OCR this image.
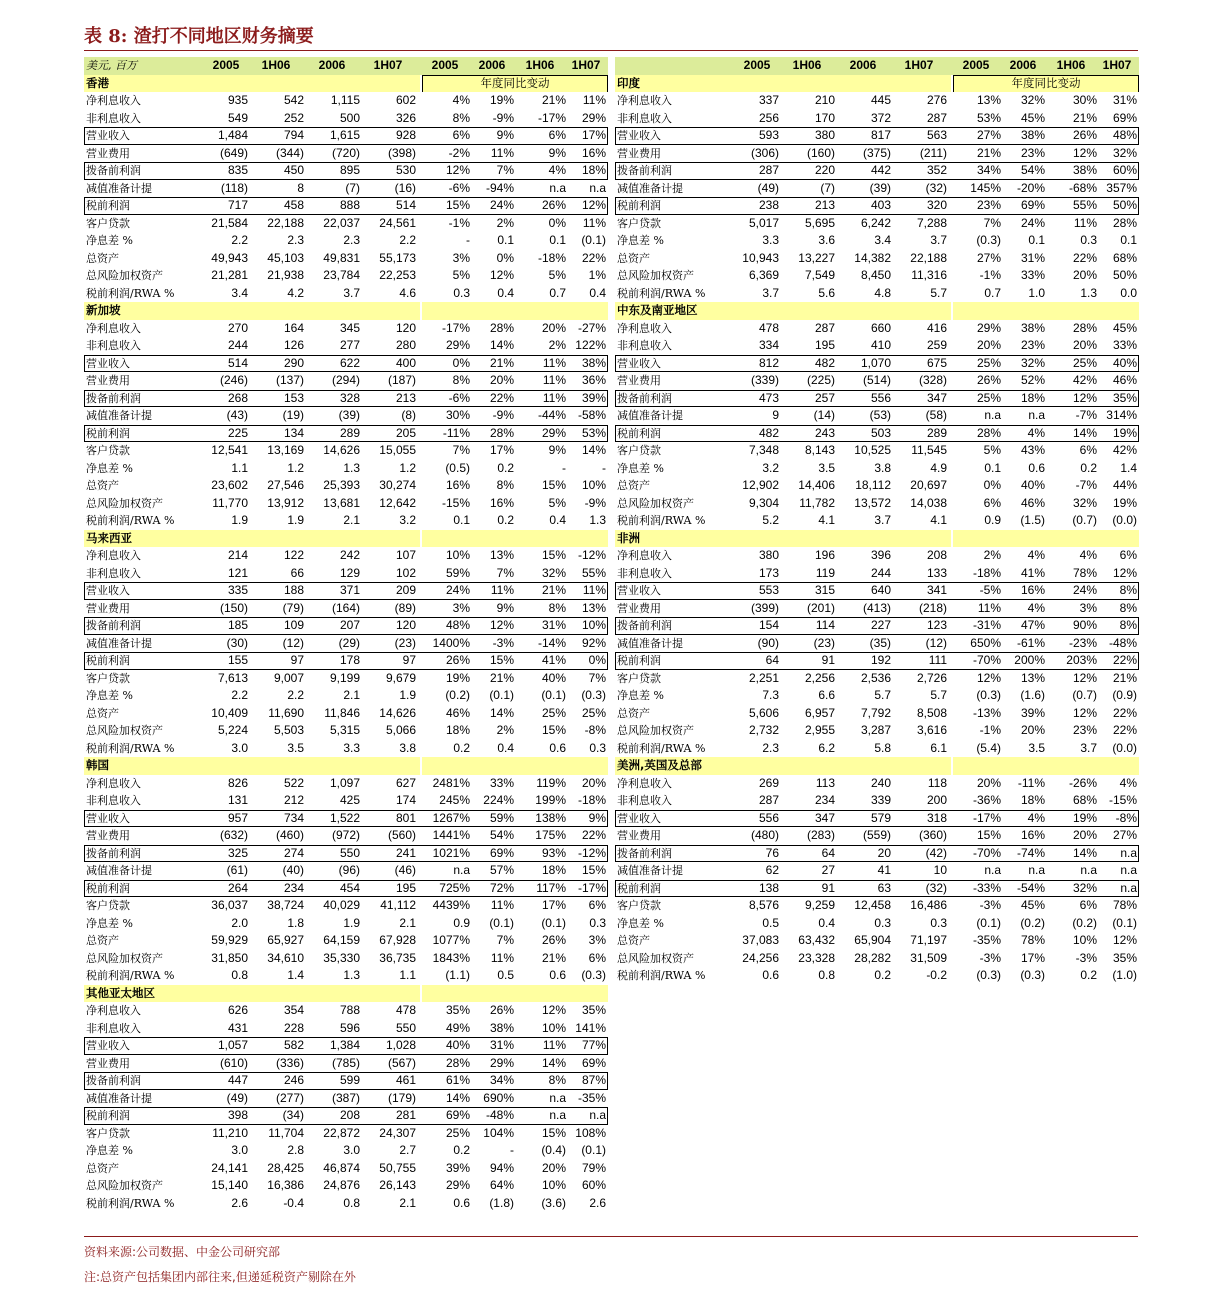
表 8: 渣打不同地区财务摘要
美元, 百万	2005	1H06	2006	1H07	2005	2006	1H06	1H07
香港	年度同比变动
净利息收入	935	542	1,115	602	4%	19%	21%	11%
非利息收入	549	252	500	326	8%	-9%	-17%	29%
营业收入	1,484	794	1,615	928	6%	9%	6%	17%
营业费用	(649)	(344)	(720)	(398)	-2%	11%	9%	16%
拨备前利润	835	450	895	530	12%	7%	4%	18%
减值准备计提	(118)	8	(7)	(16)	-6%	-94%	n.a	n.a
税前利润	717	458	888	514	15%	24%	26%	12%
客户贷款	21,584	22,188	22,037	24,561	-1%	2%	0%	11%
净息差 %	2.2	2.3	2.3	2.2	-	0.1	0.1	(0.1)
总资产	49,943	45,103	49,831	55,173	3%	0%	-18%	22%
总风险加权资产	21,281	21,938	23,784	22,253	5%	12%	5%	1%
税前利润/RWA %	3.4	4.2	3.7	4.6	0.3	0.4	0.7	0.4
新加坡
净利息收入	270	164	345	120	-17%	28%	20% -27%
非利息收入	244	126	277	280	29%	14%	2% 122%
营业收入	514	290	622	400	0%	21%	11%	38%
营业费用	(246)	(137)	(294)	(187)	8%	20%	11%	36%
拨备前利润	268	153	328	213	-6%	22%	11%	39%
减值准备计提	(43)	(19)	(39)	(8)	30%	-9%	-44% -58%
税前利润	225	134	289	205	-11%	28%	29%	53%
客户贷款	12,541	13,169	14,626	15,055	7%	17%	9%	14%
净息差 %	1.1	1.2	1.3	1.2	(0.5)	0.2	-	-
总资产	23,602	27,546	25,393	30,274	16%	8%	15%	10%
总风险加权资产	11,770	13,912	13,681	12,642	-15%	16%	5%	-9%
税前利润/RWA %	1.9	1.9	2.1	3.2	0.1	0.2	0.4	1.3
马来西亚
净利息收入	214	122	242	107	10%	13%	15% -12%
非利息收入	121	66	129	102	59%	7%	32%	55%
营业收入	335	188	371	209	24%	11%	21%	11%
营业费用	(150)	(79)	(164)	(89)	3%	9%	8%	13%
拨备前利润	185	109	207	120	48%	12%	31%	10%
减值准备计提	(30)	(12)	(29)	(23)	1400%	-3%	-14%	92%
税前利润	155	97	178	97	26%	15%	41%	0%
客户贷款	7,613	9,007	9,199	9,679	19%	21%	40%	7%
净息差 %	2.2	2.2	2.1	1.9	(0.2)	(0.1)	(0.1)	(0.3)
总资产	10,409	11,690	11,846	14,626	46%	14%	25%	25%
总风险加权资产	5,224	5,503	5,315	5,066	18%	2%	15%	-8%
税前利润/RWA %	3.0	3.5	3.3	3.8	0.2	0.4	0.6	0.3
韩国
净利息收入	826	522	1,097	627	2481%	33%	119%	20%
非利息收入	131	212	425	174	245%	224%	199% -18%
营业收入	957	734	1,522	801	1267%	59%	138%	9%
营业费用	(632)	(460)	(972)	(560)	1441%	54%	175%	22%
拨备前利润	325	274	550	241	1021%	69%	93% -12%
减值准备计提	(61)	(40)	(96)	(46)	n.a	57%	18%	15%
税前利润	264	234	454	195	725%	72%	117% -17%
客户贷款	36,037	38,724	40,029	41,112	4439%	11%	17%	6%
净息差 %	2.0	1.8	1.9	2.1	0.9	(0.1)	(0.1)	0.3
总资产	59,929	65,927	64,159	67,928	1077%	7%	26%	3%
总风险加权资产	31,850	34,610	35,330	36,735	1843%	11%	21%	6%
税前利润/RWA %	0.8	1.4	1.3	1.1	(1.1)	0.5	0.6	(0.3)
其他亚太地区
净利息收入	626	354	788	478	35%	26%	12%	35%
非利息收入	431	228	596	550	49%	38%	10% 141%
营业收入	1,057	582	1,384	1,028	40%	31%	11%	77%
营业费用	(610)	(336)	(785)	(567)	28%	29%	14%	69%
拨备前利润	447	246	599	461	61%	34%	8%	87%
减值准备计提	(49)	(277)	(387)	(179)	14%	690%	n.a -35%
税前利润	398	(34)	208	281	69%	-48%	n.a	n.a
客户贷款	11,210	11,704	22,872	24,307	25%	104%	15% 108%
净息差 %	3.0	2.8	3.0	2.7	0.2	-	(0.4)	(0.1)
总资产	24,141	28,425	46,874	50,755	39%	94%	20%	79%
总风险加权资产	15,140	16,386	24,876	26,143	29%	64%	10%	60%
税前利润/RWA %	2.6	-0.4	0.8	2.1	0.6	(1.8)	(3.6)	2.6
2005	1H06	2006	1H07	2005	2006	1H06	1H07
印度	年度同比变动
净利息收入	337	210	445	276	13%	32%	30%	31%
非利息收入	256	170	372	287	53%	45%	21%	69%
营业收入	593	380	817	563	27%	38%	26%	48%
营业费用	(306)	(160)	(375)	(211)	21%	23%	12%	32%
拨备前利润	287	220	442	352	34%	54%	38%	60%
减值准备计提	(49)	(7)	(39)	(32)	145%	-20%	-68% 357%
税前利润	238	213	403	320	23%	69%	55%	50%
客户贷款	5,017	5,695	6,242	7,288	7%	24%	11%	28%
净息差 %	3.3	3.6	3.4	3.7	(0.3)	0.1	0.3	0.1
总资产	10,943	13,227	14,382	22,188	27%	31%	22%	68%
总风险加权资产	6,369	7,549	8,450	11,316	-1%	33%	20%	50%
税前利润/RWA %	3.7	5.6	4.8	5.7	0.7	1.0	1.3	0.0
中东及南亚地区
净利息收入	478	287	660	416	29%	38%	28%	45%
非利息收入	334	195	410	259	20%	23%	20%	33%
营业收入	812	482	1,070	675	25%	32%	25%	40%
营业费用	(339)	(225)	(514)	(328)	26%	52%	42%	46%
拨备前利润	473	257	556	347	25%	18%	12%	35%
减值准备计提	9	(14)	(53)	(58)	n.a	n.a	-7% 314%
税前利润	482	243	503	289	28%	4%	14%	19%
客户贷款	7,348	8,143	10,525	11,545	5%	43%	6%	42%
净息差 %	3.2	3.5	3.8	4.9	0.1	0.6	0.2	1.4
总资产	12,902	14,406	18,112	20,697	0%	40%	-7%	44%
总风险加权资产	9,304	11,782	13,572	14,038	6%	46%	32%	19%
税前利润/RWA %	5.2	4.1	3.7	4.1	0.9	(1.5)	(0.7)	(0.0)
非洲
净利息收入	380	196	396	208	2%	4%	4%	6%
非利息收入	173	119	244	133	-18%	41%	78%	12%
营业收入	553	315	640	341	-5%	16%	24%	8%
营业费用	(399)	(201)	(413)	(218)	11%	4%	3%	8%
拨备前利润	154	114	227	123	-31%	47%	90%	8%
减值准备计提	(90)	(23)	(35)	(12)	650%	-61%	-23% -48%
税前利润	64	91	192	111	-70%	200%	203%	22%
客户贷款	2,251	2,256	2,536	2,726	12%	13%	12%	21%
净息差 %	7.3	6.6	5.7	5.7	(0.3)	(1.6)	(0.7)	(0.9)
总资产	5,606	6,957	7,792	8,508	-13%	39%	12%	22%
总风险加权资产	2,732	2,955	3,287	3,616	-1%	20%	23%	22%
税前利润/RWA %	2.3	6.2	5.8	6.1	(5.4)	3.5	3.7	(0.0)
美洲,英国及总部
净利息收入	269	113	240	118	20%	-11%	-26%	4%
非利息收入	287	234	339	200	-36%	18%	68% -15%
营业收入	556	347	579	318	-17%	4%	19%	-8%
营业费用	(480)	(283)	(559)	(360)	15%	16%	20%	27%
拨备前利润	76	64	20	(42)	-70%	-74%	14%	n.a
减值准备计提	62	27	41	10	n.a	n.a	n.a	n.a
税前利润	138	91	63	(32)	-33%	-54%	32%	n.a
客户贷款	8,576	9,259	12,458	16,486	-3%	45%	6%	78%
净息差 %	0.5	0.4	0.3	0.3	(0.1)	(0.2)	(0.2)	(0.1)
总资产	37,083	63,432	65,904	71,197	-35%	78%	10%	12%
总风险加权资产	24,256	23,328	28,282	31,509	-3%	17%	-3%	35%
税前利润/RWA %	0.6	0.8	0.2	-0.2	(0.3)	(0.3)	0.2	(1.0)
资料来源:公司数据、中金公司研究部
注:总资产包括集团内部往来,但递延税资产剔除在外
